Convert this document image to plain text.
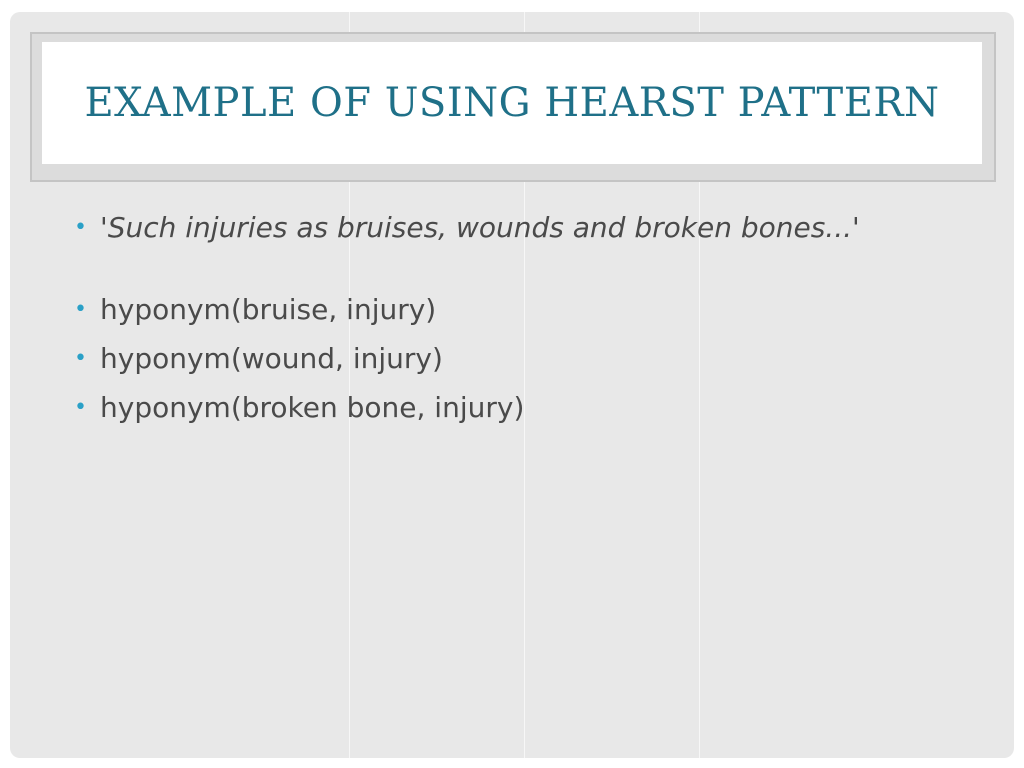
EXAMPLE OF USING HEARST PATTERN
• 'Such injuries as bruises, wounds and broken bones...'
• hyponym(bruise, injury)
• hyponym(wound, injury)
• hyponym(broken bone, injury)
